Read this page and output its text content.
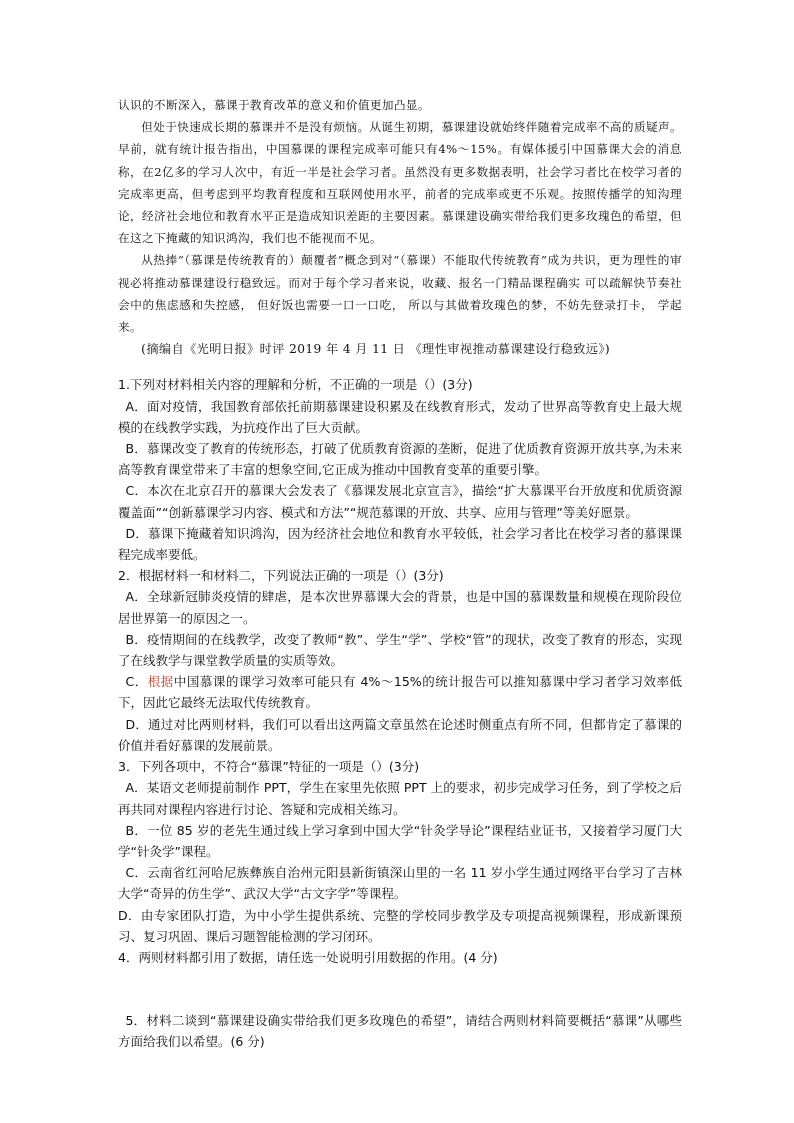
认识的不断深入，慕课于教育改革的意义和价值更加凸显。

但处于快速成长期的慕课并不是没有烦恼。从诞生初期，慕课建设就始终伴随着完成率不高的质疑声。早前，就有统计报告指出，中国慕课的课程完成率可能只有4%～15%。有媒体援引中国慕课大会的消息称，在2亿多的学习人次中，有近一半是社会学习者。虽然没有更多数据表明，社会学习者比在校学习者的完成率更高，但考虑到平均教育程度和互联网使用水平，前者的完成率或更不乐观。按照传播学的知沟理论，经济社会地位和教育水平正是造成知识差距的主要因素。慕课建设确实带给我们更多玫瑰色的希望，但在这之下掩藏的知识鸿沟，我们也不能视而不见。

从热捧“（慕课是传统教育的）颠覆者”概念到对“（慕课）不能取代传统教育”成为共识，更为理性的审视必将推动慕课建设行稳致远。而对于每个学习者来说，收藏、报名一门精品课程确实 可以疏解快节奏社会中的焦虑感和失控感， 但好饭也需要一口一口吃， 所以与其做着玫瑰色的梦，不妨先登录打卡， 学起来。

(摘编自《光明日报》时评 2019 年 4 月 11 日 《理性审视推动慕课建设行稳致远》)

1.下列对材料相关内容的理解和分析，不正确的一项是（）(3分)

A．面对疫情，我国教育部依托前期慕课建设积累及在线教育形式，发动了世界高等教育史上最大规模的在线教学实践，为抗疫作出了巨大贡献。

B．慕课改变了教育的传统形态，打破了优质教育资源的垄断，促进了优质教育资源开放共享,为未来高等教育课堂带来了丰富的想象空间,它正成为推动中国教育变革的重要引擎。

C．本次在北京召开的慕课大会发表了《慕课发展北京宣言》，描绘“扩大慕课平台开放度和优质资源覆盖面”“创新慕课学习内容、模式和方法”“规范慕课的开放、共享、应用与管理”等美好愿景。

D．慕课下掩藏着知识鸿沟，因为经济社会地位和教育水平较低，社会学习者比在校学习者的慕课课程完成率要低。

2．根据材料一和材料二，下列说法正确的一项是（）(3分)

A．全球新冠肺炎疫情的肆虐，是本次世界慕课大会的背景，也是中国的慕课数量和规模在现阶段位居世界第一的原因之一。

B．疫情期间的在线教学，改变了教师“教”、学生“学”、学校“管”的现状，改变了教育的形态，实现了在线教学与课堂教学质量的实质等效。

C．根据中国慕课的课学习效率可能只有 4%～15%的统计报告可以推知慕课中学习者学习效率低下，因此它最终无法取代传统教育。

D．通过对比两则材料，我们可以看出这两篇文章虽然在论述时侧重点有所不同，但都肯定了慕课的价值并看好慕课的发展前景。

3．下列各项中，不符合“慕课”特征的一项是（）(3分)

A．某语文老师提前制作 PPT，学生在家里先依照 PPT 上的要求，初步完成学习任务，到了学校之后再共同对课程内容进行讨论、答疑和完成相关练习。

B．一位 85 岁的老先生通过线上学习拿到中国大学“针灸学导论”课程结业证书，又接着学习厦门大学“针灸学”课程。

C．云南省红河哈尼族彝族自治州元阳县新街镇深山里的一名 11 岁小学生通过网络平台学习了吉林大学“奇异的仿生学”、武汉大学“古文字学”等课程。

D．由专家团队打造，为中小学生提供系统、完整的学校同步教学及专项提高视频课程，形成新课预习、复习巩固、课后习题智能检测的学习闭环。

4．两则材料都引用了数据，请任选一处说明引用数据的作用。(4 分)

5．材料二谈到“慕课建设确实带给我们更多玫瑰色的希望”，请结合两则材料简要概括“慕课”从哪些方面给我们以希望。(6 分)
